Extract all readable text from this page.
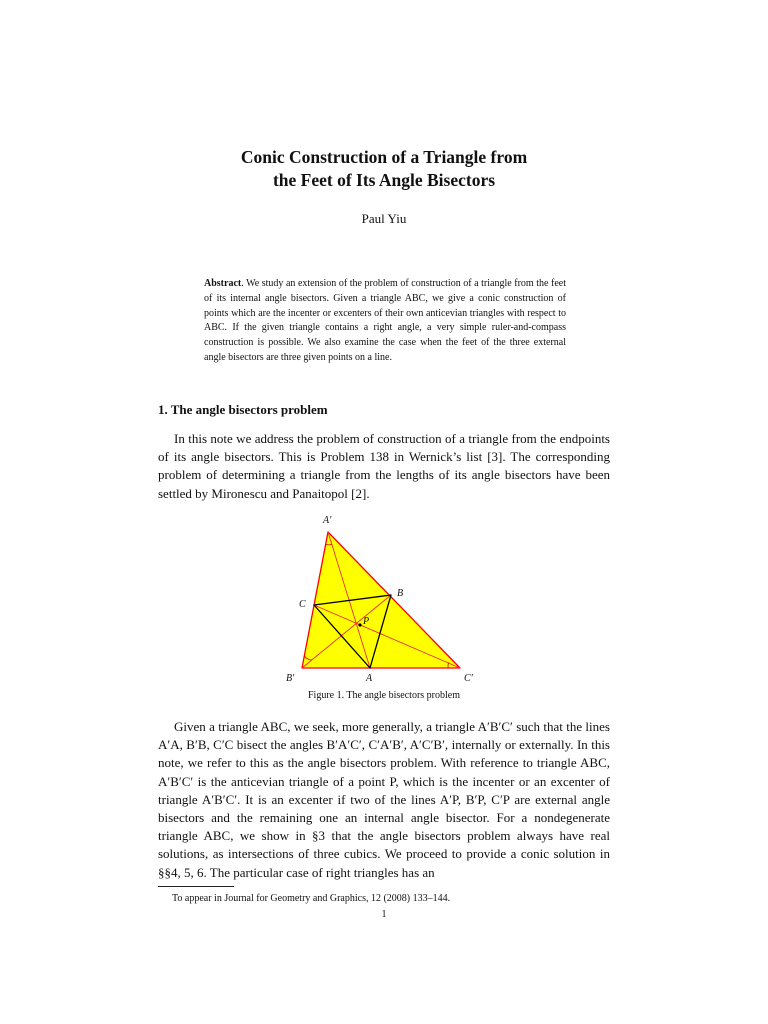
Conic Construction of a Triangle from
the Feet of Its Angle Bisectors
Paul Yiu
Abstract. We study an extension of the problem of construction of a triangle from the feet of its internal angle bisectors. Given a triangle ABC, we give a conic construction of points which are the incenter or excenters of their own anticevian triangles with respect to ABC. If the given triangle contains a right angle, a very simple ruler-and-compass construction is possible. We also examine the case when the feet of the three external angle bisectors are three given points on a line.
1. The angle bisectors problem
In this note we address the problem of construction of a triangle from the endpoints of its angle bisectors. This is Problem 138 in Wernick’s list [3]. The corresponding problem of determining a triangle from the lengths of its angle bisectors have been settled by Mironescu and Panaitopol [2].
A′
B
C
P
B′	A	C′
Figure 1. The angle bisectors problem
Given a triangle ABC, we seek, more generally, a triangle A′B′C′ such that the lines A′A, B′B, C′C bisect the angles B′A′C′, C′A′B′, A′C′B′, internally or externally. In this note, we refer to this as the angle bisectors problem. With reference to triangle ABC, A′B′C′ is the anticevian triangle of a point P, which is the incenter or an excenter of triangle A′B′C′. It is an excenter if two of the lines A′P, B′P, C′P are external angle bisectors and the remaining one an internal angle bisector. For a nondegenerate triangle ABC, we show in §3 that the angle bisectors problem always have real solutions, as intersections of three cubics. We proceed to provide a conic solution in §§4, 5, 6. The particular case of right triangles has an
To appear in Journal for Geometry and Graphics, 12 (2008) 133–144.
1
